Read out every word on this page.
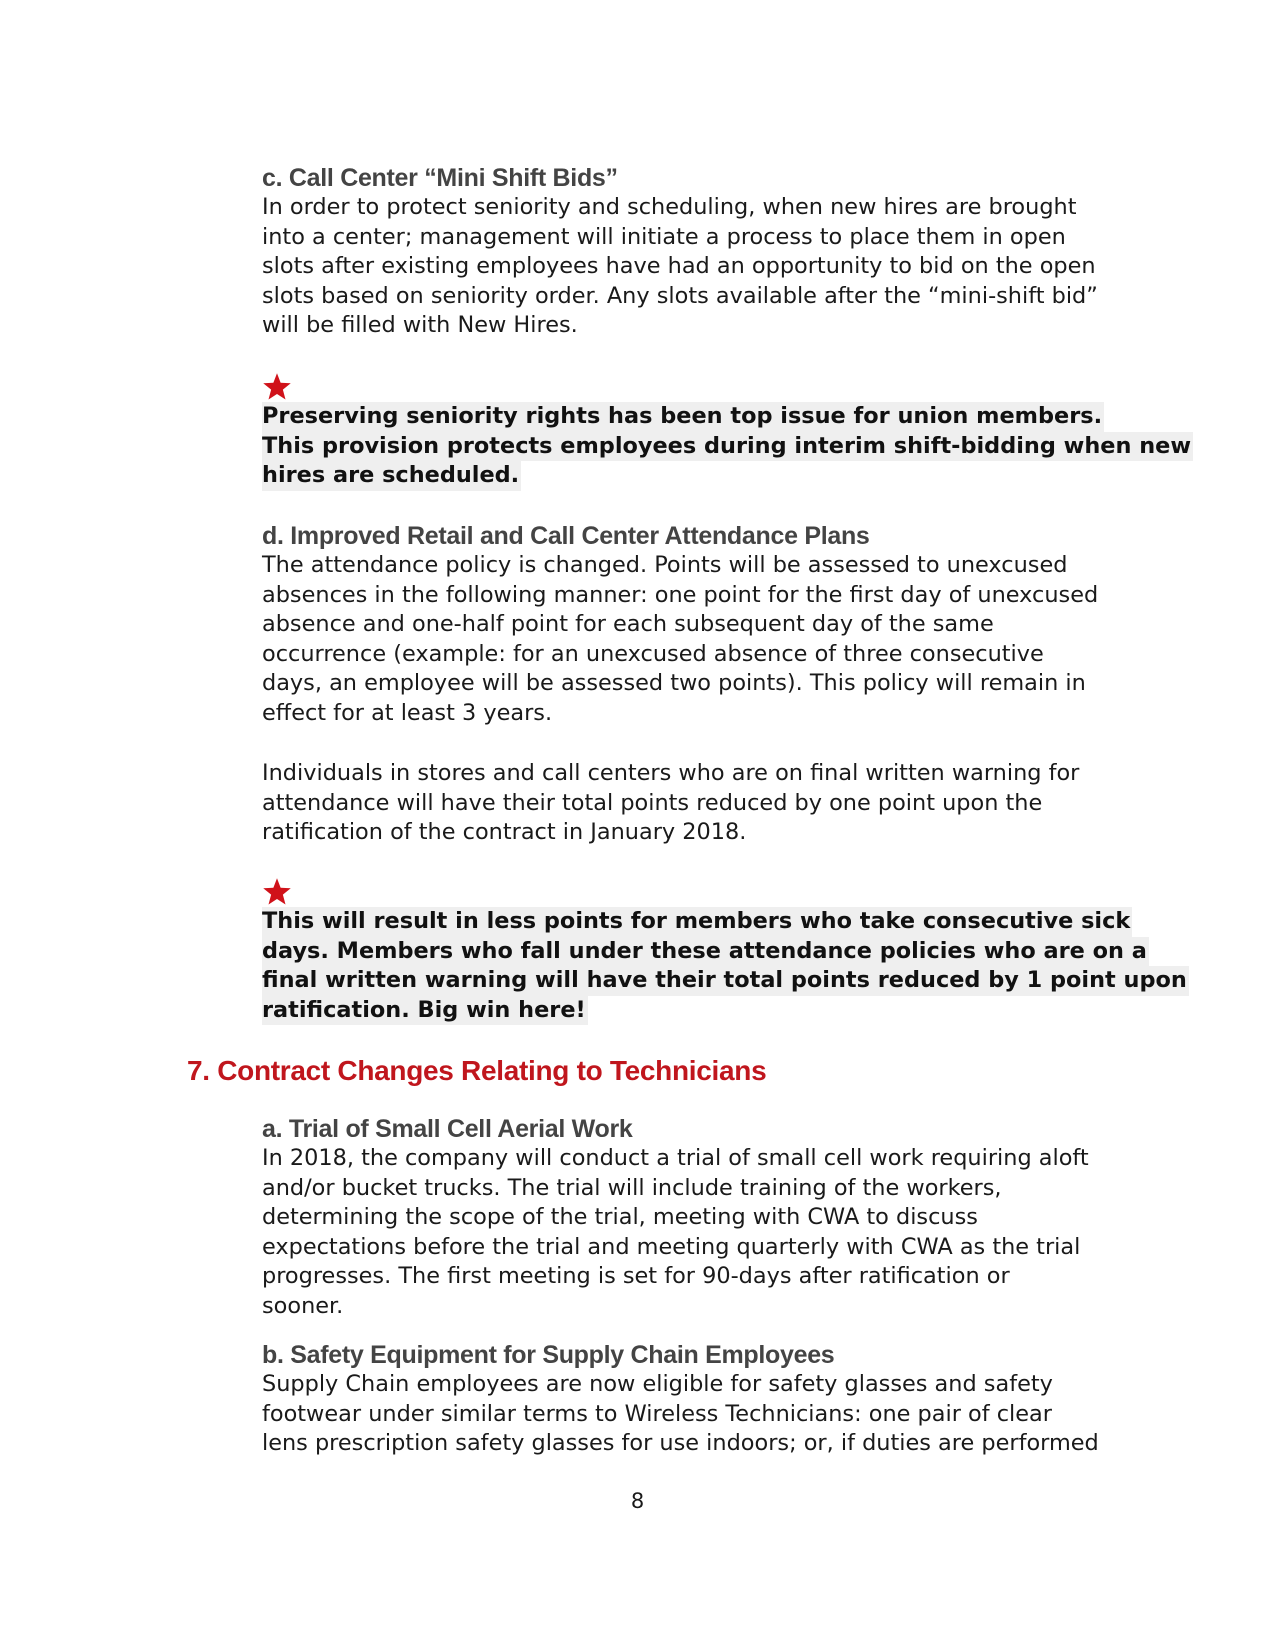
c. Call Center “Mini Shift Bids”

In order to protect seniority and scheduling, when new hires are brought

into a center; management will initiate a process to place them in open

slots after existing employees have had an opportunity to bid on the open

slots based on seniority order. Any slots available after the “mini-shift bid”

will be filled with New Hires.

Preserving seniority rights has been top issue for union members.
This provision protects employees during interim shift-bidding when new
hires are scheduled.

d. Improved Retail and Call Center Attendance Plans

The attendance policy is changed. Points will be assessed to unexcused

absences in the following manner: one point for the first day of unexcused

absence and one-half point for each subsequent day of the same

occurrence (example: for an unexcused absence of three consecutive

days, an employee will be assessed two points). This policy will remain in

effect for at least 3 years.

Individuals in stores and call centers who are on final written warning for

attendance will have their total points reduced by one point upon the

ratification of the contract in January 2018.

This will result in less points for members who take consecutive sick
days. Members who fall under these attendance policies who are on a
final written warning will have their total points reduced by 1 point upon
ratification. Big win here!

7. Contract Changes Relating to Technicians

a. Trial of Small Cell Aerial Work

In 2018, the company will conduct a trial of small cell work requiring aloft

and/or bucket trucks. The trial will include training of the workers,

determining the scope of the trial, meeting with CWA to discuss

expectations before the trial and meeting quarterly with CWA as the trial

progresses. The first meeting is set for 90-days after ratification or

sooner.

b. Safety Equipment for Supply Chain Employees

Supply Chain employees are now eligible for safety glasses and safety

footwear under similar terms to Wireless Technicians: one pair of clear

lens prescription safety glasses for use indoors; or, if duties are performed

8
